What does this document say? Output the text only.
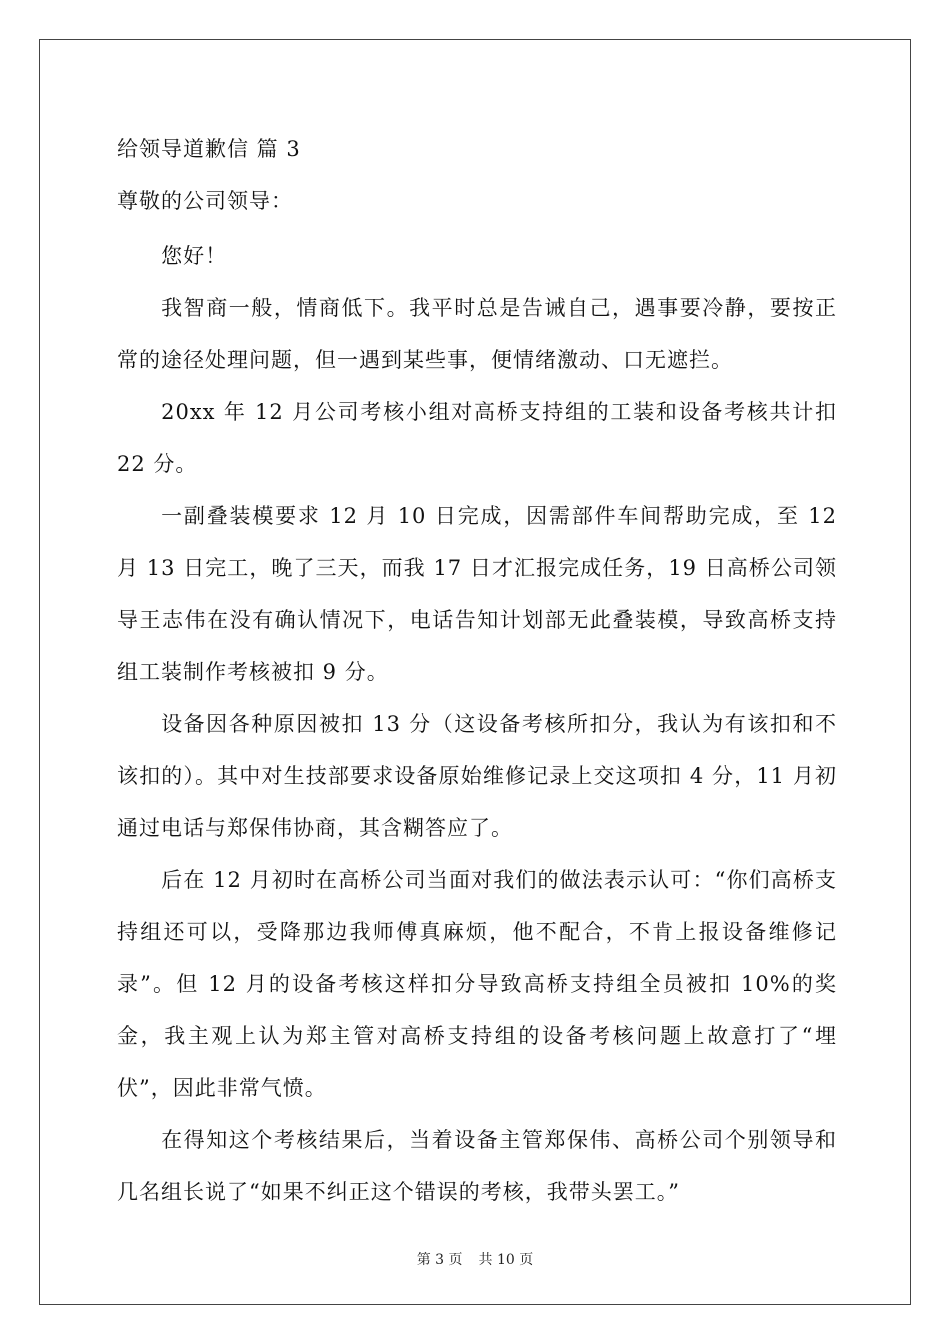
给领导道歉信 篇 3
尊敬的公司领导：

您好！

我智商一般，情商低下。我平时总是告诫自己，遇事要冷静，要按正常的途径处理问题，但一遇到某些事，便情绪激动、口无遮拦。

20xx 年 12 月公司考核小组对高桥支持组的工装和设备考核共计扣 22 分。

一副叠装模要求 12 月 10 日完成，因需部件车间帮助完成，至 12 月 13 日完工，晚了三天，而我 17 日才汇报完成任务，19 日高桥公司领导王志伟在没有确认情况下，电话告知计划部无此叠装模，导致高桥支持组工装制作考核被扣 9 分。

设备因各种原因被扣 13 分（这设备考核所扣分，我认为有该扣和不该扣的）。其中对生技部要求设备原始维修记录上交这项扣 4 分，11 月初通过电话与郑保伟协商，其含糊答应了。

后在 12 月初时在高桥公司当面对我们的做法表示认可：“你们高桥支持组还可以，受降那边我师傅真麻烦，他不配合，不肯上报设备维修记录”。但 12 月的设备考核这样扣分导致高桥支持组全员被扣 10%的奖金，我主观上认为郑主管对高桥支持组的设备考核问题上故意打了“埋伏”，因此非常气愤。

在得知这个考核结果后，当着设备主管郑保伟、高桥公司个别领导和几名组长说了“如果不纠正这个错误的考核，我带头罢工。”

第 3 页 共 10 页
